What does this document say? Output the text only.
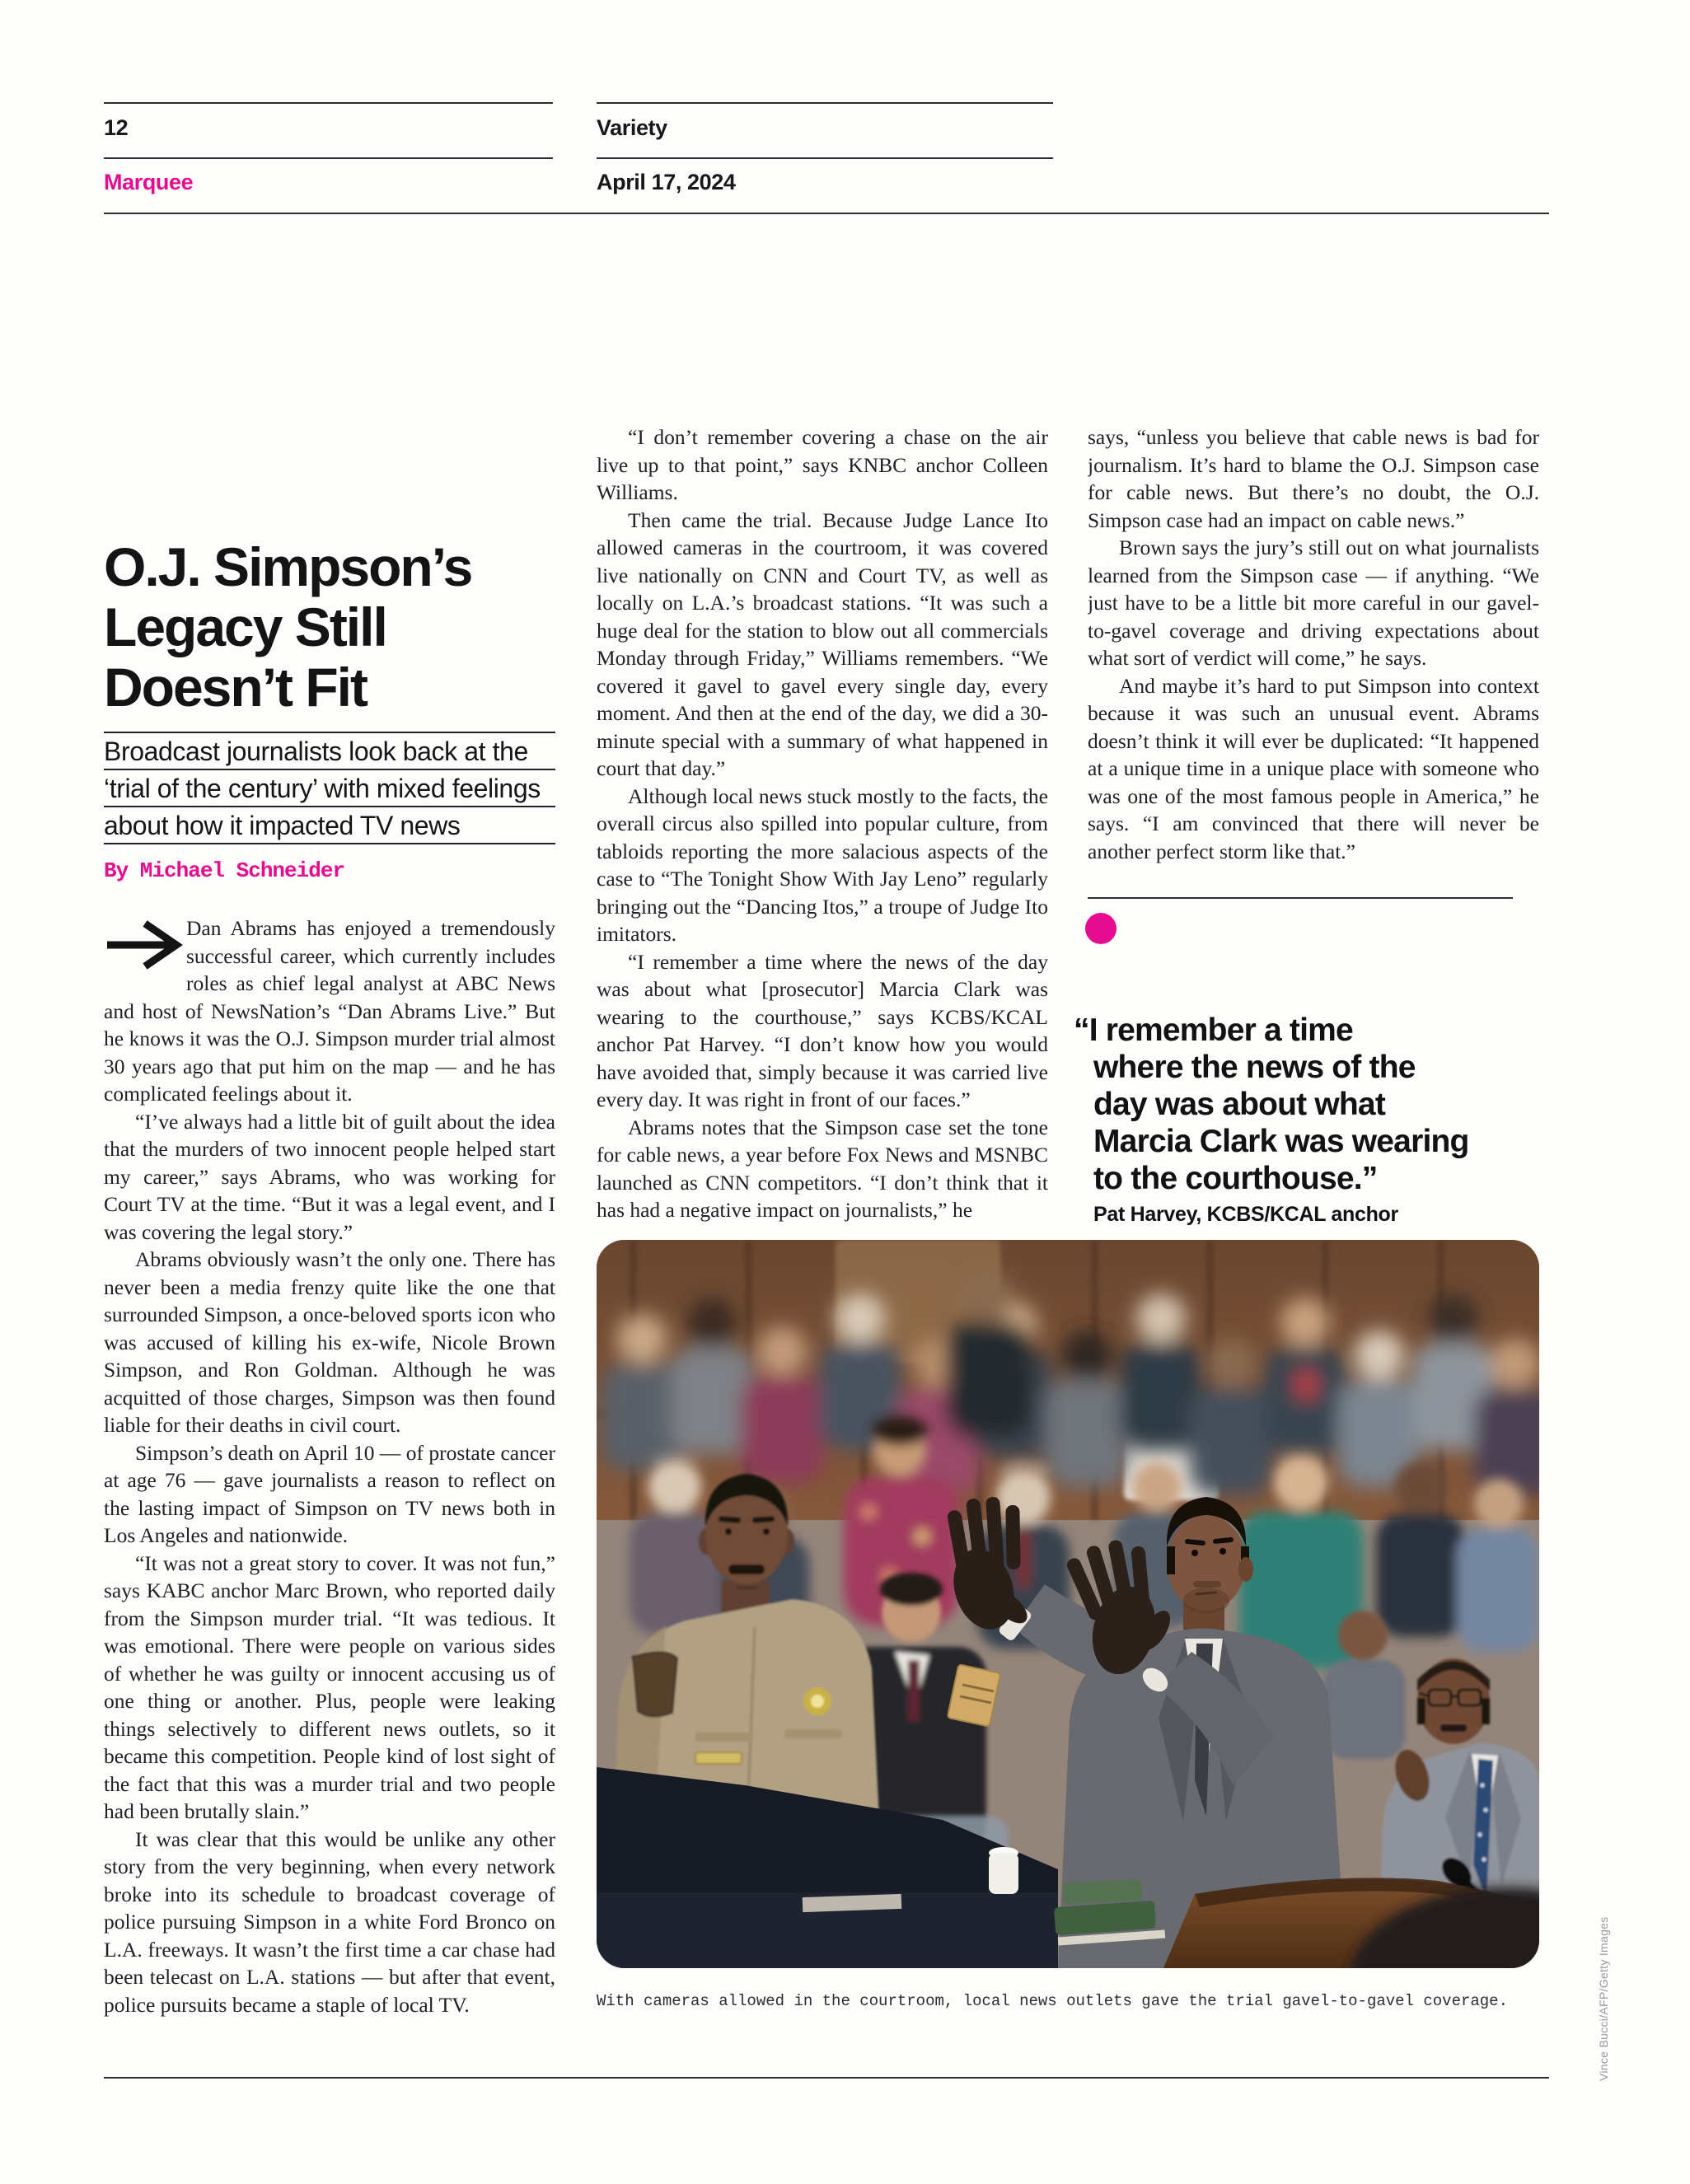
12	Variety
Marquee	April 17, 2024
O.J. Simpson’s
Legacy Still
Doesn’t Fit
Broadcast journalists look back at the
‘trial of the century’ with mixed feelings
about how it impacted TV news
By Michael Schneider

Dan Abrams has enjoyed a tremendously successful career, which currently includes roles as chief legal analyst at ABC News and host of NewsNation’s “Dan Abrams Live.” But he knows it was the O.J. Simpson murder trial almost 30 years ago that put him on the map — and he has complicated feelings about it.

“I’ve always had a little bit of guilt about the idea that the murders of two innocent people helped start my career,” says Abrams, who was working for Court TV at the time. “But it was a legal event, and I was covering the legal story.”

Abrams obviously wasn’t the only one. There has never been a media frenzy quite like the one that surrounded Simpson, a once-beloved sports icon who was accused of killing his ex-wife, Nicole Brown Simpson, and Ron Goldman. Although he was acquitted of those charges, Simpson was then found liable for their deaths in civil court.

Simpson’s death on April 10 — of prostate cancer at age 76 — gave journalists a reason to reflect on the lasting impact of Simpson on TV news both in Los Angeles and nationwide.

“It was not a great story to cover. It was not fun,” says KABC anchor Marc Brown, who reported daily from the Simpson murder trial. “It was tedious. It was emotional. There were people on various sides of whether he was guilty or innocent accusing us of one thing or another. Plus, people were leaking things selectively to different news outlets, so it became this competition. People kind of lost sight of the fact that this was a murder trial and two people had been brutally slain.”

It was clear that this would be unlike any other story from the very beginning, when every network broke into its schedule to broadcast coverage of police pursuing Simpson in a white Ford Bronco on L.A. freeways. It wasn’t the first time a car chase had been telecast on L.A. stations — but after that event, police pursuits became a staple of local TV.

“I don’t remember covering a chase on the air live up to that point,” says KNBC anchor Colleen Williams.

Then came the trial. Because Judge Lance Ito allowed cameras in the courtroom, it was covered live nationally on CNN and Court TV, as well as locally on L.A.’s broadcast stations. “It was such a huge deal for the station to blow out all commercials Monday through Friday,” Williams remembers. “We covered it gavel to gavel every single day, every moment. And then at the end of the day, we did a 30-minute special with a summary of what happened in court that day.”

Although local news stuck mostly to the facts, the overall circus also spilled into popular culture, from tabloids reporting the more salacious aspects of the case to “The Tonight Show With Jay Leno” regularly bringing out the “Dancing Itos,” a troupe of Judge Ito imitators.

“I remember a time where the news of the day was about what [prosecutor] Marcia Clark was wearing to the courthouse,” says KCBS/KCAL anchor Pat Harvey. “I don’t know how you would have avoided that, simply because it was carried live every day. It was right in front of our faces.”

Abrams notes that the Simpson case set the tone for cable news, a year before Fox News and MSNBC launched as CNN competitors. “I don’t think that it has had a negative impact on journalists,” he

says, “unless you believe that cable news is bad for journalism. It’s hard to blame the O.J. Simpson case for cable news. But there’s no doubt, the O.J. Simpson case had an impact on cable news.”

Brown says the jury’s still out on what journalists learned from the Simpson case — if anything. “We just have to be a little bit more careful in our gavel-to-gavel coverage and driving expectations about what sort of verdict will come,” he says.

And maybe it’s hard to put Simpson into context because it was such an unusual event. Abrams doesn’t think it will ever be duplicated: “It happened at a unique time in a unique place with someone who was one of the most famous people in America,” he says. “I am convinced that there will never be another perfect storm like that.”

“I remember a time
where the news of the
day was about what
Marcia Clark was wearing
to the courthouse.”
Pat Harvey, KCBS/KCAL anchor
With cameras allowed in the courtroom, local news outlets gave the trial gavel-to-gavel coverage.	Vince Bucci/AFP/Getty Images
